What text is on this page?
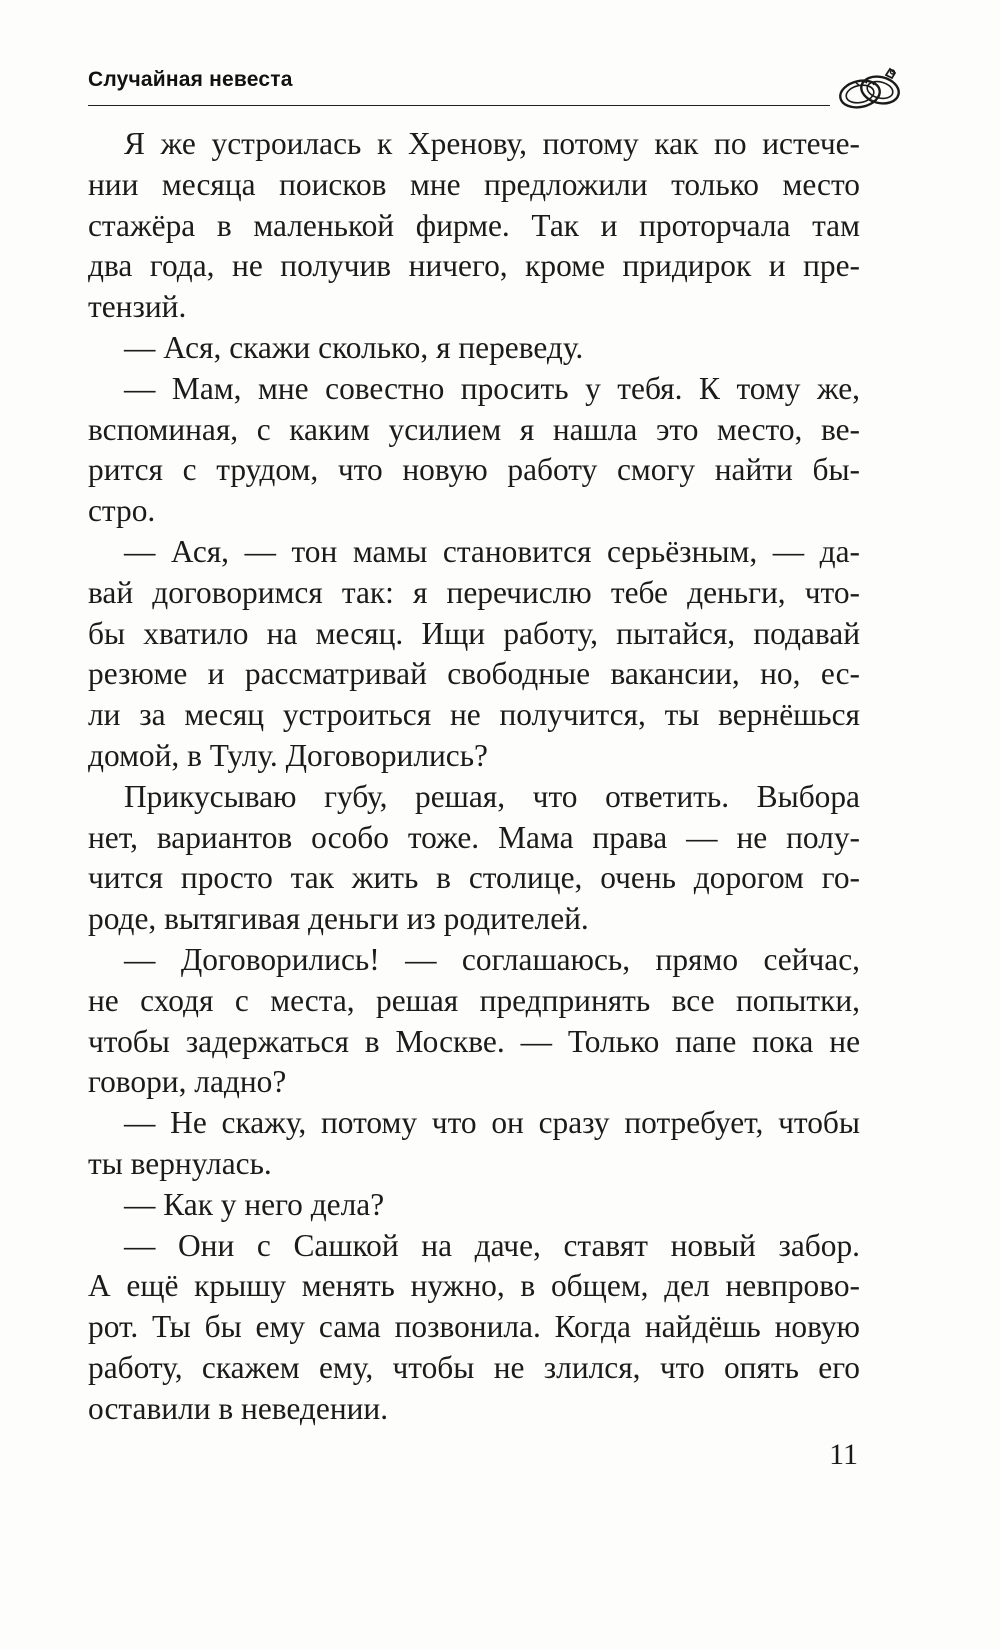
Случайная невеста
Я же устроилась к Хренову, потому как по истече-
нии месяца поисков мне предложили только место
стажёра в маленькой фирме. Так и проторчала там
два года, не получив ничего, кроме придирок и пре-
тензий.
— Ася, скажи сколько, я переведу.
— Мам, мне совестно просить у тебя. К тому же,
вспоминая, с каким усилием я нашла это место, ве-
рится с трудом, что новую работу смогу найти бы-
стро.
— Ася, — тон мамы становится серьёзным, — да-
вай договоримся так: я перечислю тебе деньги, что-
бы хватило на месяц. Ищи работу, пытайся, подавай
резюме и рассматривай свободные вакансии, но, ес-
ли за месяц устроиться не получится, ты вернёшься
домой, в Тулу. Договорились?
Прикусываю губу, решая, что ответить. Выбора
нет, вариантов особо тоже. Мама права — не полу-
чится просто так жить в столице, очень дорогом го-
роде, вытягивая деньги из родителей.
— Договорились! — соглашаюсь, прямо сейчас,
не сходя с места, решая предпринять все попытки,
чтобы задержаться в Москве. — Только папе пока не
говори, ладно?
— Не скажу, потому что он сразу потребует, чтобы
ты вернулась.
— Как у него дела?
— Они с Сашкой на даче, ставят новый забор.
А ещё крышу менять нужно, в общем, дел невпрово-
рот. Ты бы ему сама позвонила. Когда найдёшь новую
работу, скажем ему, чтобы не злился, что опять его
оставили в неведении.
11
